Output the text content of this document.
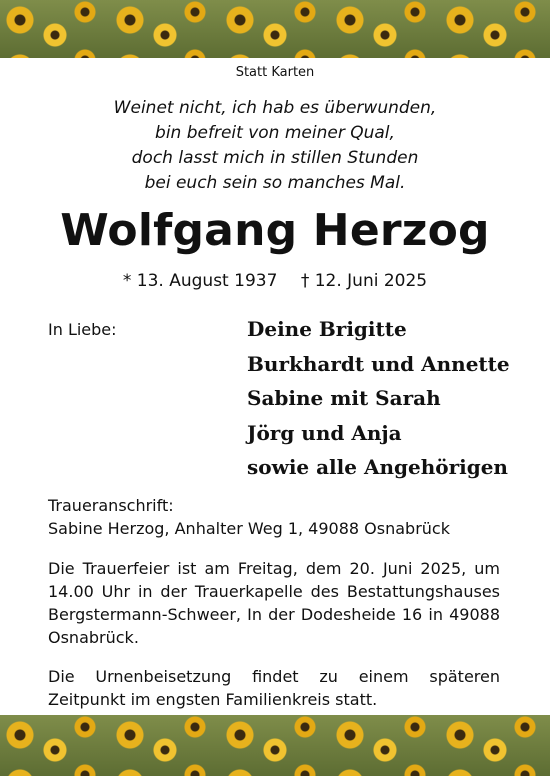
Statt Karten
Weinet nicht, ich hab es überwunden,
bin befreit von meiner Qual,
doch lasst mich in stillen Stunden
bei euch sein so manches Mal.
Wolfgang Herzog
* 13. August 1937 † 12. Juni 2025
In Liebe:	Deine Brigitte
Burkhardt und Annette
Sabine mit Sarah
Jörg und Anja
sowie alle Angehörigen
Traueranschrift:
Sabine Herzog, Anhalter Weg 1, 49088 Osnabrück
Die Trauerfeier ist am Freitag, dem 20. Juni 2025, um 14.00 Uhr in der Trauerkapelle des Bestattungshauses Bergstermann-Schweer, In der Dodesheide 16 in 49088 Osnabrück.
Die Urnenbeisetzung findet zu einem späteren Zeitpunkt im engsten Familienkreis statt.
